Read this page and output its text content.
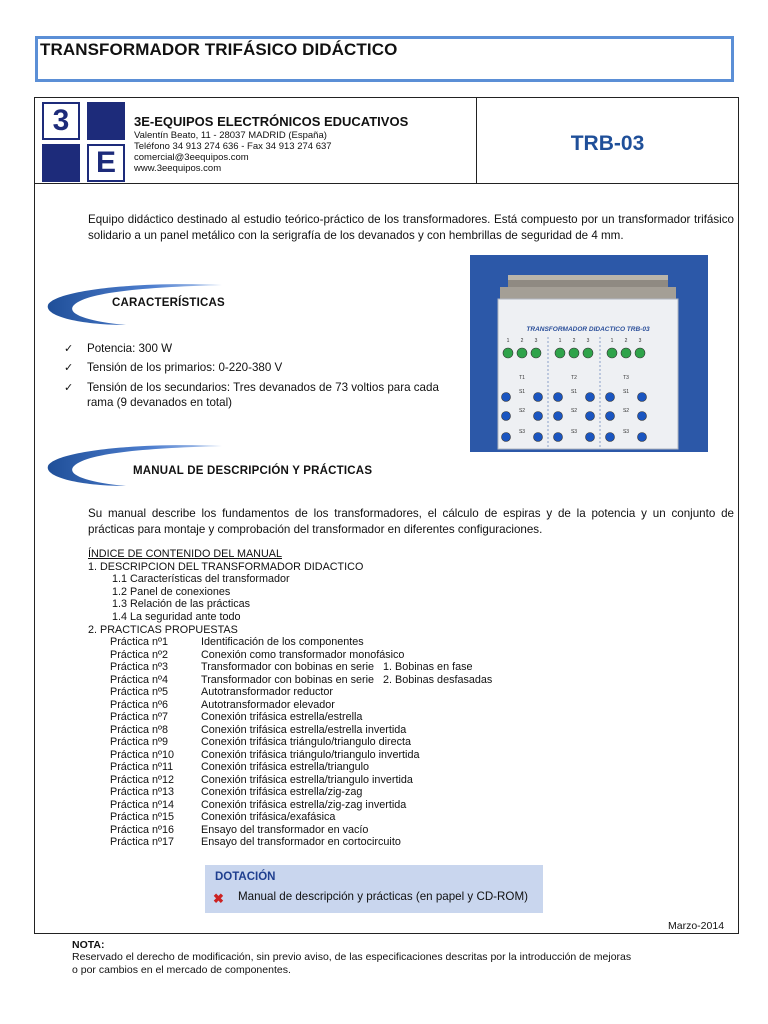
TRANSFORMADOR TRIFÁSICO DIDÁCTICO
3
E
3E-EQUIPOS ELECTRÓNICOS EDUCATIVOS
Valentín Beato, 11 - 28037 MADRID (España)
Teléfono 34 913 274 636 - Fax 34 913 274 637
comercial@3eequipos.com
www.3eequipos.com
TRB-03
Equipo didáctico destinado al estudio teórico-práctico de los transformadores. Está compuesto por un transformador trifásico solidario a un panel metálico con la serigrafía de los devanados y con hembrillas de seguridad de 4 mm.
CARACTERÍSTICAS
✓ Potencia: 300 W
✓ Tensión de los primarios: 0-220-380 V
✓ Tensión de los secundarios: Tres devanados de 73 voltios para cada rama (9 devanados en total)
TRANSFORMADOR DIDACTICO TRB-03
1 2 3
T1
S1
S2
S3
1 2 3
T2
S1
S2
S3
1 2 3
T3
S1
S2
S3
MANUAL DE DESCRIPCIÓN Y PRÁCTICAS
Su manual describe los fundamentos de los transformadores, el cálculo de espiras y de la potencia y un conjunto de prácticas para montaje y comprobación del transformador en diferentes configuraciones.
ÍNDICE DE CONTENIDO DEL MANUAL
1. DESCRIPCION DEL TRANSFORMADOR DIDACTICO
1.1 Características del transformador
1.2 Panel de conexiones
1.3 Relación de las prácticas
1.4 La seguridad ante todo
2. PRACTICAS PROPUESTAS
Práctica nº1	Identificación de los componentes
Práctica nº2	Conexión como transformador monofásico
Práctica nº3	Transformador con bobinas en serie   1. Bobinas en fase
Práctica nº4	Transformador con bobinas en serie   2. Bobinas desfasadas
Práctica nº5	Autotransformador reductor
Práctica nº6	Autotransformador elevador
Práctica nº7	Conexión trifásica estrella/estrella
Práctica nº8	Conexión trifásica estrella/estrella invertida
Práctica nº9	Conexión trifásica triángulo/triangulo directa
Práctica nº10	Conexión trifásica triángulo/triangulo invertida
Práctica nº11	Conexión trifásica estrella/triangulo
Práctica nº12	Conexión trifásica estrella/triangulo invertida
Práctica nº13	Conexión trifásica estrella/zig-zag
Práctica nº14	Conexión trifásica estrella/zig-zag invertida
Práctica nº15	Conexión trifásica/exafásica
Práctica nº16	Ensayo del transformador en vacío
Práctica nº17	Ensayo del transformador en cortocircuito
DOTACIÓN
✖ Manual de descripción y prácticas (en papel y CD-ROM)
Marzo-2014
NOTA:
Reservado el derecho de modificación, sin previo aviso, de las especificaciones descritas por la introducción de mejoras
o por cambios en el mercado de componentes.
